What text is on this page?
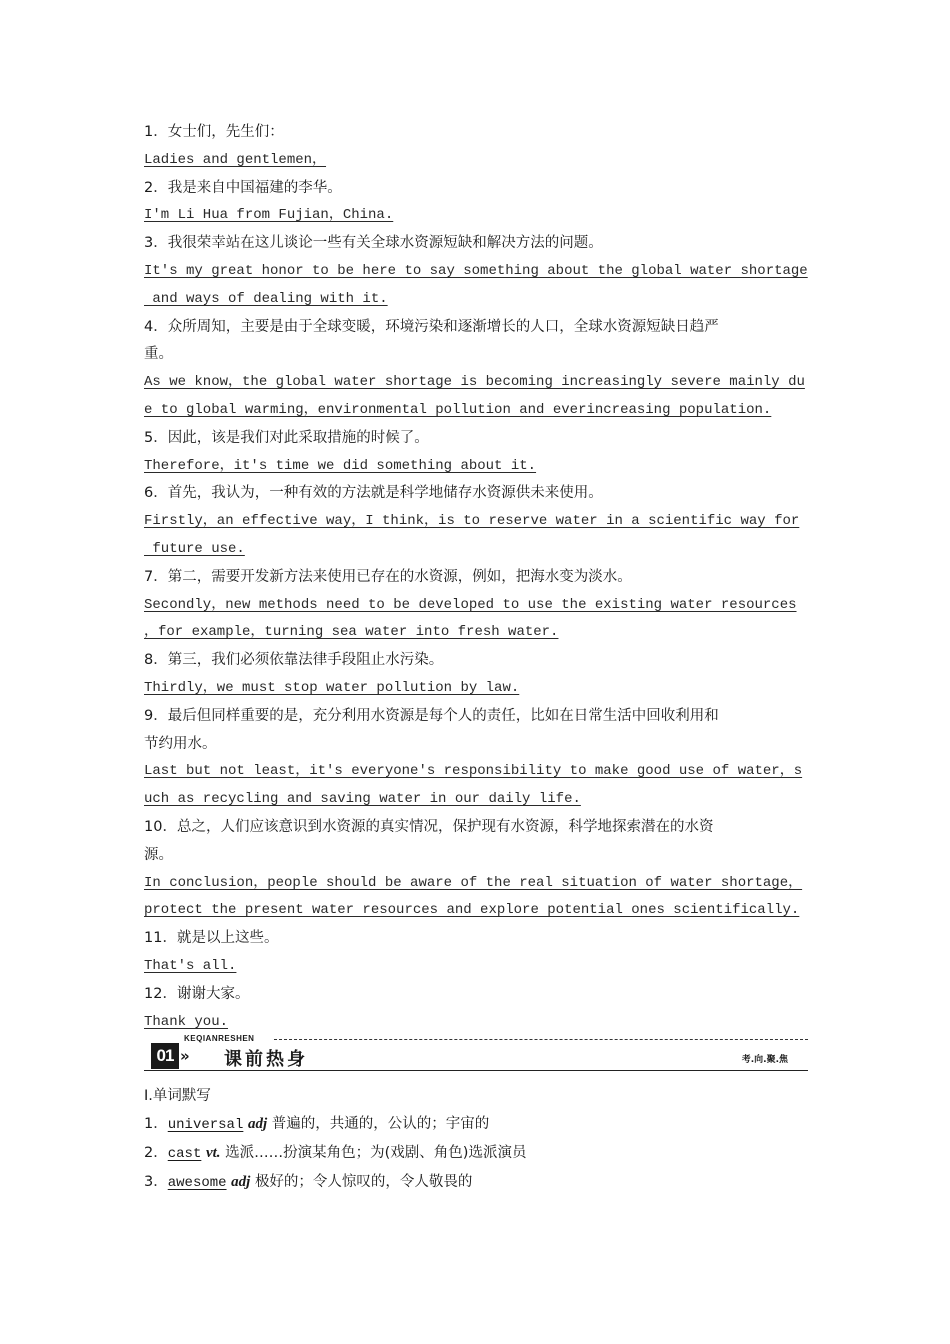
1．女士们，先生们：
Ladies and gentlemen，
2．我是来自中国福建的李华。
I'm Li Hua from Fujian，China.
3．我很荣幸站在这儿谈论一些有关全球水资源短缺和解决方法的问题。
It's my great honor to be here to say something about the global water shortage
and ways of dealing with it.
4．众所周知，主要是由于全球变暖，环境污染和逐渐增长的人口，全球水资源短缺日趋严
重。
As we know，the global water shortage is becoming increasingly severe mainly du
e to global warming，environmental pollution and everincreasing population.
5．因此，该是我们对此采取措施的时候了。
Therefore，it's time we did something about it.
6．首先，我认为，一种有效的方法就是科学地储存水资源供未来使用。
Firstly，an effective way，I think，is to reserve water in a scientific way for
future use.
7．第二，需要开发新方法来使用已存在的水资源，例如，把海水变为淡水。
Secondly，new methods need to be developed to use the existing water resources
，for example，turning sea water into fresh water.
8．第三，我们必须依靠法律手段阻止水污染。
Thirdly，we must stop water pollution by law.
9．最后但同样重要的是，充分利用水资源是每个人的责任，比如在日常生活中回收利用和
节约用水。
Last but not least，it's everyone's responsibility to make good use of water，s
uch as recycling and saving water in our daily life.
10．总之，人们应该意识到水资源的真实情况，保护现有水资源，科学地探索潜在的水资
源。
In conclusion，people should be aware of the real situation of water shortage，
protect the present water resources and explore potential ones scientifically.
11．就是以上这些。
That's all.
12．谢谢大家。
Thank you.
KEQIANRESHEN
01 » 课前热身	考.向.聚.焦
Ⅰ.单词默写
1．universal adj 普遍的，共通的，公认的；宇宙的
2．cast vt. 选派……扮演某角色；为(戏剧、角色)选派演员
3．awesome adj 极好的；令人惊叹的，令人敬畏的
